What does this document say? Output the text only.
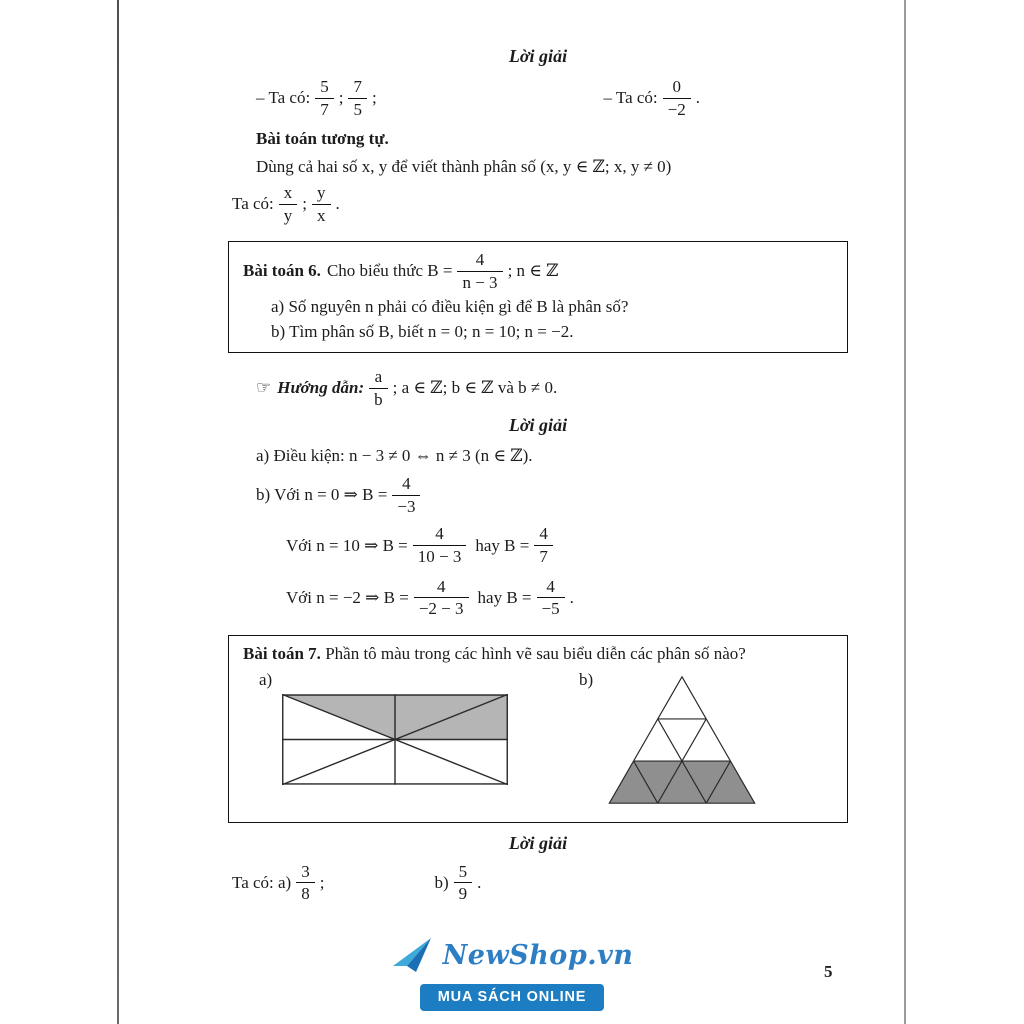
Lời giải
– Ta có: $\frac{5}{7}$ ; $\frac{7}{5}$ ;	– Ta có: $\frac{0}{-2}$ .
Bài toán tương tự.
Dùng cả hai số x, y để viết thành phân số (x, y ∈ ℤ; x, y ≠ 0)
Ta có: $\frac{x}{y}$ ; $\frac{y}{x}$ .
Bài toán 6. Cho biểu thức $B = \frac{4}{n - 3}$ ; n ∈ ℤ
a) Số nguyên n phải có điều kiện gì để B là phân số?
b) Tìm phân số B, biết n = 0; n = 10; n = −2.
☞ Hướng dẫn: $\frac{a}{b}$ ; a ∈ ℤ; b ∈ ℤ và b ≠ 0.
Lời giải
a) Điều kiện: n − 3 ≠ 0 ⇔ n ≠ 3 (n ∈ ℤ).
b) Với n = 0 ⇒ $B = \frac{4}{-3}$
Với n = 10 ⇒ $B = \frac{4}{10 - 3}$ hay $B = \frac{4}{7}$
Với n = −2 ⇒ $B = \frac{4}{-2 - 3}$ hay $B = \frac{4}{-5}$ .
Bài toán 7. Phần tô màu trong các hình vẽ sau biểu diễn các phân số nào?
a)	b)
Lời giải
Ta có: $a) \frac{3}{8}$ ;	$b) \frac{5}{9}$ .
NewShop.vn
MUA SÁCH ONLINE
5
